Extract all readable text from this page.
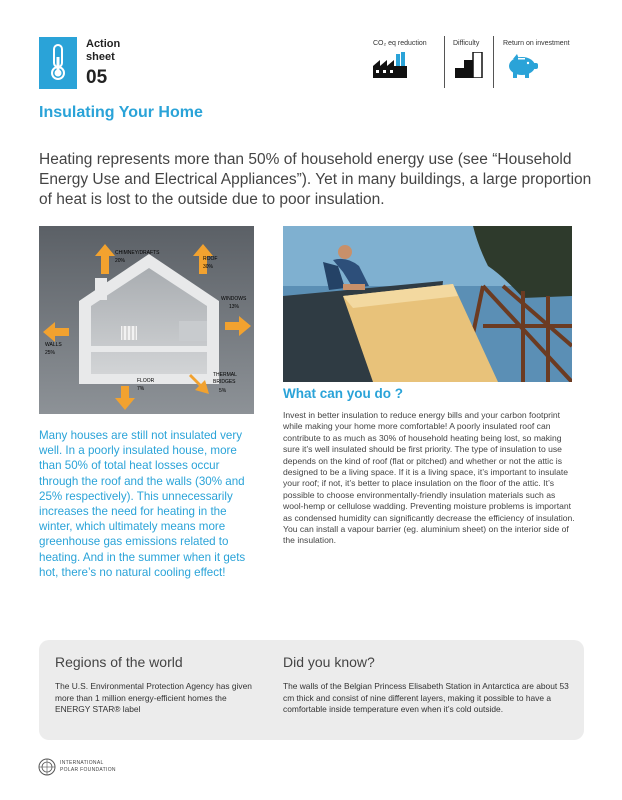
Action
sheet
05
CO₂ eq reduction	Difficulty	Return on investment
Insulating Your Home
Heating represents more than 50% of household energy use (see “Household Energy Use and Electrical Appliances”). Yet in many buildings, a large proportion of heat is lost to the outside due to poor insulation.
CHIMNEY/DRAFTS
20%	ROOF
30%
WINDOWS
13%
WALLS
25%
FLOOR
7%
THERMAL
BRIDGES
5%	What can you do ?
Invest in better insulation to reduce energy bills and your carbon footprint while making your home more comfortable! A poorly insulated roof can contribute to as much as 30% of household heating being lost, so making sure it’s well insulated should be first priority. The type of insulation to use depends on the kind of roof (flat or pitched) and whether or not the attic is designed to be a living space. If it is a living space, it’s important to insulate your roof; if not, it’s better to place insulation on the floor of the attic. It’s possible to choose environmentally-friendly insulation materials such as wool-hemp or cellulose wadding. Preventing moisture problems is important as condensed humidity can significantly decrease the efficiency of insulation. You can install a vapour barrier (eg. aluminium sheet) on the interior side of the insulation.
Many houses are still not insulated very well. In a poorly insulated house, more than 50% of total heat losses occur through the roof and the walls (30% and 25% respectively). This unnecessarily increases the need for heating in the winter, which ultimately means more greenhouse gas emissions related to heating. And in the summer when it gets hot, there’s no natural cooling effect!
Regions of the world
The U.S. Environmental Protection Agency has given more than 1 million energy-efficient homes the ENERGY STAR® label
Did you know?
The walls of the Belgian Princess Elisabeth Station in Antarctica are about 53 cm thick and consist of nine different layers, making it possible to have a comfortable inside temperature even when it’s cold outside.
INTERNATIONAL
POLAR FOUNDATION
